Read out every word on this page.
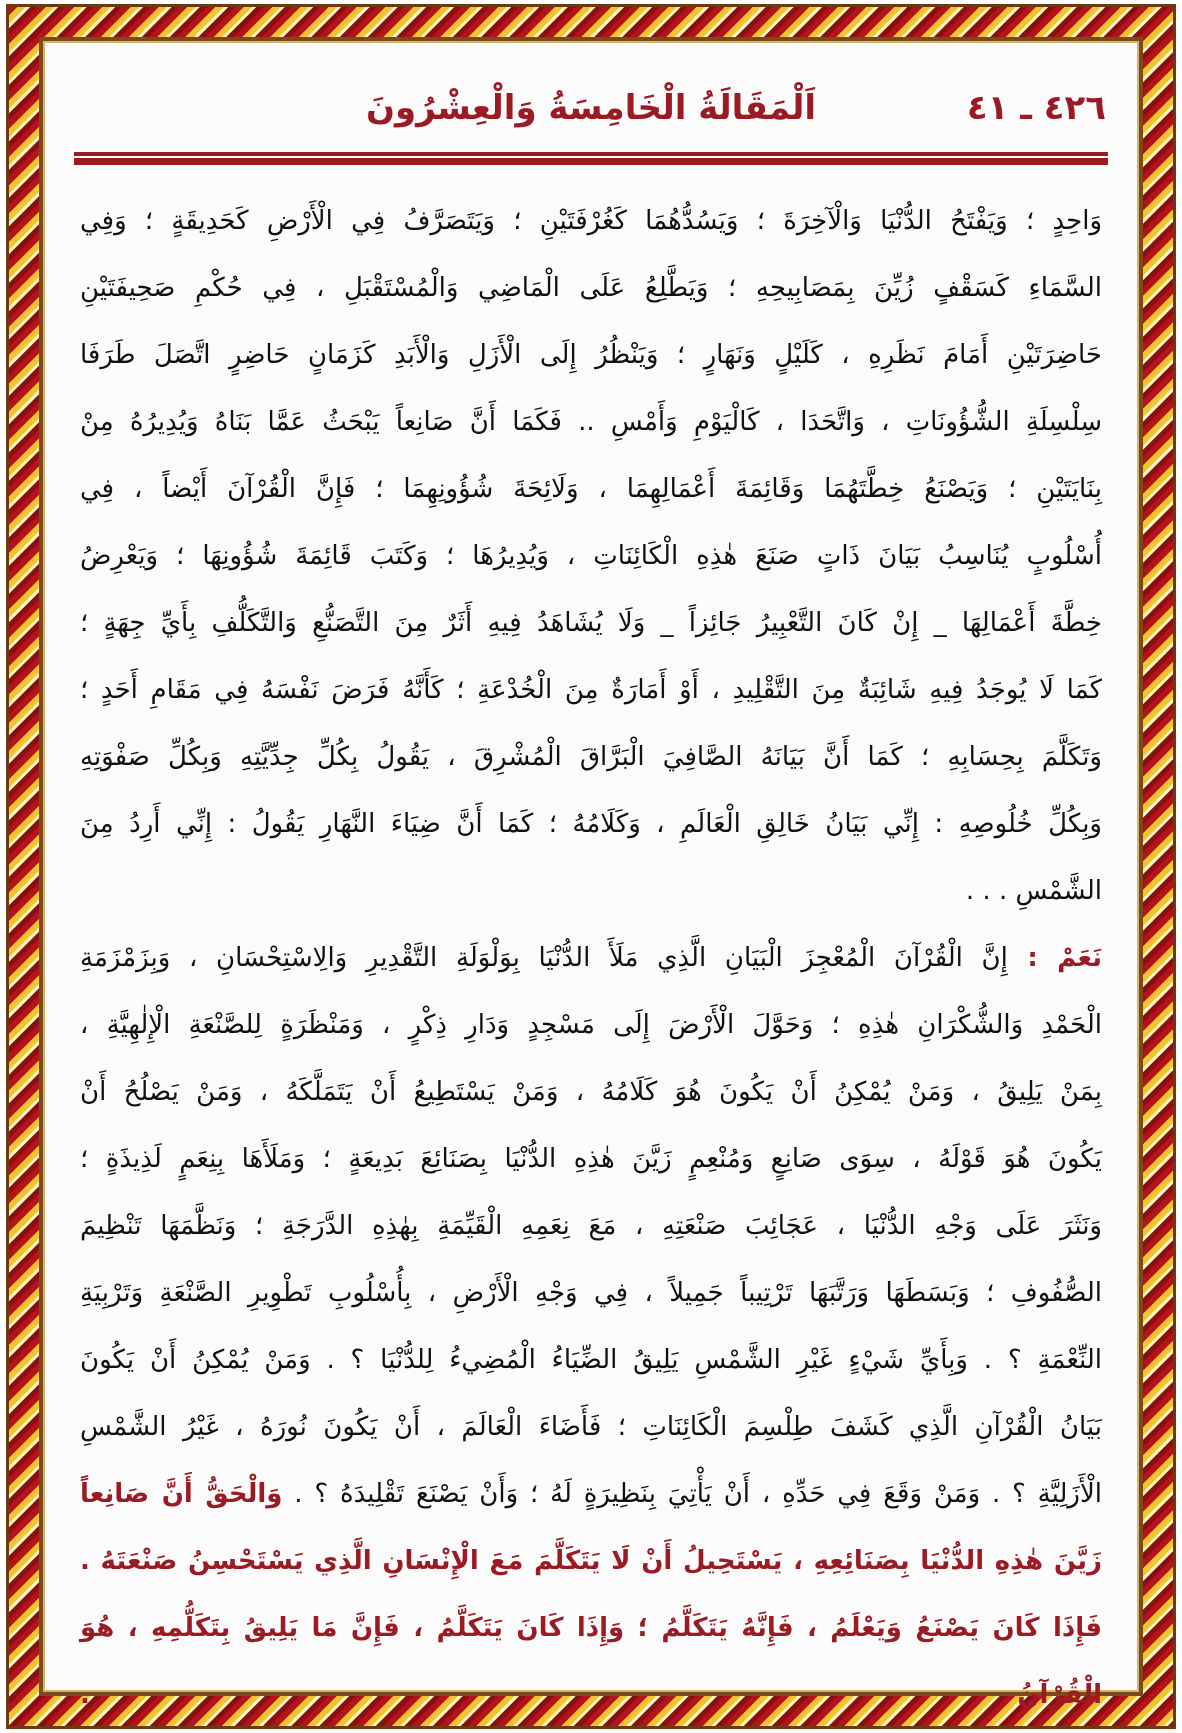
اَلْمَقَالَةُ الْخَامِسَةُ وَالْعِشْرُونَ	٤٢٦ ـ ٤١
وَاحِدٍ ؛ وَيَفْتَحُ الدُّنْيَا وَالْآخِرَةَ ؛ وَيَسُدُّهُمَا كَغُرْفَتَيْنِ ؛ وَيَتَصَرَّفُ فِي الْأَرْضِ كَحَدِيقَةٍ ؛ وَفِي
السَّمَاءِ كَسَقْفٍ زُيِّنَ بِمَصَابِيحِهِ ؛ وَيَطَّلِعُ عَلَى الْمَاضِي وَالْمُسْتَقْبَلِ ، فِي حُكْمِ صَحِيفَتَيْنِ
حَاضِرَتَيْنِ أَمَامَ نَظَرِهِ ، كَلَيْلٍ وَنَهَارٍ ؛ وَيَنْظُرُ إِلَى الْأَزَلِ وَالْأَبَدِ كَزَمَانٍ حَاضِرٍ اتَّصَلَ طَرَفَا
سِلْسِلَةِ الشُّؤُونَاتِ ، وَاتَّحَدَا ، كَالْيَوْمِ وَأَمْسِ .. فَكَمَا أَنَّ صَانِعاً يَبْحَثُ عَمَّا بَنَاهُ وَيُدِيرُهُ مِنْ
بِنَايَتَيْنِ ؛ وَيَصْنَعُ خِطَّتَهُمَا وَقَائِمَةَ أَعْمَالِهِمَا ، وَلَائِحَةَ شُؤُونِهِمَا ؛ فَإِنَّ الْقُرْآنَ أَيْضاً ، فِي
أُسْلُوبٍ يُنَاسِبُ بَيَانَ ذَاتٍ صَنَعَ هٰذِهِ الْكَائِنَاتِ ، وَيُدِيرُهَا ؛ وَكَتَبَ قَائِمَةَ شُؤُونِهَا ؛ وَيَعْرِضُ
خِطَّةَ أَعْمَالِهَا _ إِنْ كَانَ التَّعْبِيرُ جَائِزاً _ وَلَا يُشَاهَدُ فِيهِ أَثَرٌ مِنَ التَّصَنُّعِ وَالتَّكَلُّفِ بِأَيِّ جِهَةٍ ؛
كَمَا لَا يُوجَدُ فِيهِ شَائِبَةٌ مِنَ التَّقْلِيدِ ، أَوْ أَمَارَةٌ مِنَ الْخُدْعَةِ ؛ كَأَنَّهُ فَرَضَ نَفْسَهُ فِي مَقَامِ أَحَدٍ ؛
وَتَكَلَّمَ بِحِسَابِهِ ؛ كَمَا أَنَّ بَيَانَهُ الصَّافِيَ الْبَرَّاقَ الْمُشْرِقَ ، يَقُولُ بِكُلِّ جِدِّيَّتِهِ وَبِكُلِّ صَفْوَتِهِ
وَبِكُلِّ خُلُوصِهِ : إِنِّي بَيَانُ خَالِقِ الْعَالَمِ ، وَكَلَامُهُ ؛ كَمَا أَنَّ ضِيَاءَ النَّهَارِ يَقُولُ : إِنِّي أَرِدُ مِنَ
الشَّمْسِ . . .
نَعَمْ : إِنَّ الْقُرْآنَ الْمُعْجِزَ الْبَيَانِ الَّذِي مَلَأَ الدُّنْيَا بِوَلْوَلَةِ التَّقْدِيرِ وَالِاسْتِحْسَانِ ، وَبِزَمْزَمَةِ
الْحَمْدِ وَالشُّكْرَانِ هٰذِهِ ؛ وَحَوَّلَ الْأَرْضَ إِلَى مَسْجِدٍ وَدَارِ ذِكْرٍ ، وَمَنْظَرَةٍ لِلصَّنْعَةِ الْإِلٰهِيَّةِ ،
بِمَنْ يَلِيقُ ، وَمَنْ يُمْكِنُ أَنْ يَكُونَ هُوَ كَلَامُهُ ، وَمَنْ يَسْتَطِيعُ أَنْ يَتَمَلَّكَهُ ، وَمَنْ يَصْلُحُ أَنْ
يَكُونَ هُوَ قَوْلَهُ ، سِوَى صَانِعٍ وَمُنْعِمٍ زَيَّنَ هٰذِهِ الدُّنْيَا بِصَنَائِعَ بَدِيعَةٍ ؛ وَمَلَأَهَا بِنِعَمٍ لَذِيذَةٍ ؛
وَنَثَرَ عَلَى وَجْهِ الدُّنْيَا ، عَجَائِبَ صَنْعَتِهِ ، مَعَ نِعَمِهِ الْقَيِّمَةِ بِهٰذِهِ الدَّرَجَةِ ؛ وَنَظَّمَهَا تَنْظِيمَ
الصُّفُوفِ ؛ وَبَسَطَهَا وَرَتَّبَهَا تَرْتِيباً جَمِيلاً ، فِي وَجْهِ الْأَرْضِ ، بِأُسْلُوبِ تَطْوِيرِ الصَّنْعَةِ وَتَرْبِيَةِ
النِّعْمَةِ ؟ . وَبِأَيِّ شَيْءٍ غَيْرِ الشَّمْسِ يَلِيقُ الضِّيَاءُ الْمُضِيءُ لِلدُّنْيَا ؟ . وَمَنْ يُمْكِنُ أَنْ يَكُونَ
بَيَانُ الْقُرْآنِ الَّذِي كَشَفَ طِلْسِمَ الْكَائِنَاتِ ؛ فَأَضَاءَ الْعَالَمَ ، أَنْ يَكُونَ نُورَهُ ، غَيْرُ الشَّمْسِ
الْأَزَلِيَّةِ ؟ . وَمَنْ وَقَعَ فِي حَدِّهِ ، أَنْ يَأْتِيَ بِنَظِيرَةٍ لَهُ ؛ وَأَنْ يَصْنَعَ تَقْلِيدَهُ ؟ . وَالْحَقُّ أَنَّ صَانِعاً
زَيَّنَ هٰذِهِ الدُّنْيَا بِصَنَائِعِهِ ، يَسْتَحِيلُ أَنْ لَا يَتَكَلَّمَ مَعَ الْإِنْسَانِ الَّذِي يَسْتَحْسِنُ صَنْعَتَهُ .
فَإِذَا كَانَ يَصْنَعُ وَيَعْلَمُ ، فَإِنَّهُ يَتَكَلَّمُ ؛ وَإِذَا كَانَ يَتَكَلَّمُ ، فَإِنَّ مَا يَلِيقُ بِتَكَلُّمِهِ ، هُوَ الْقُرْآنُ .
